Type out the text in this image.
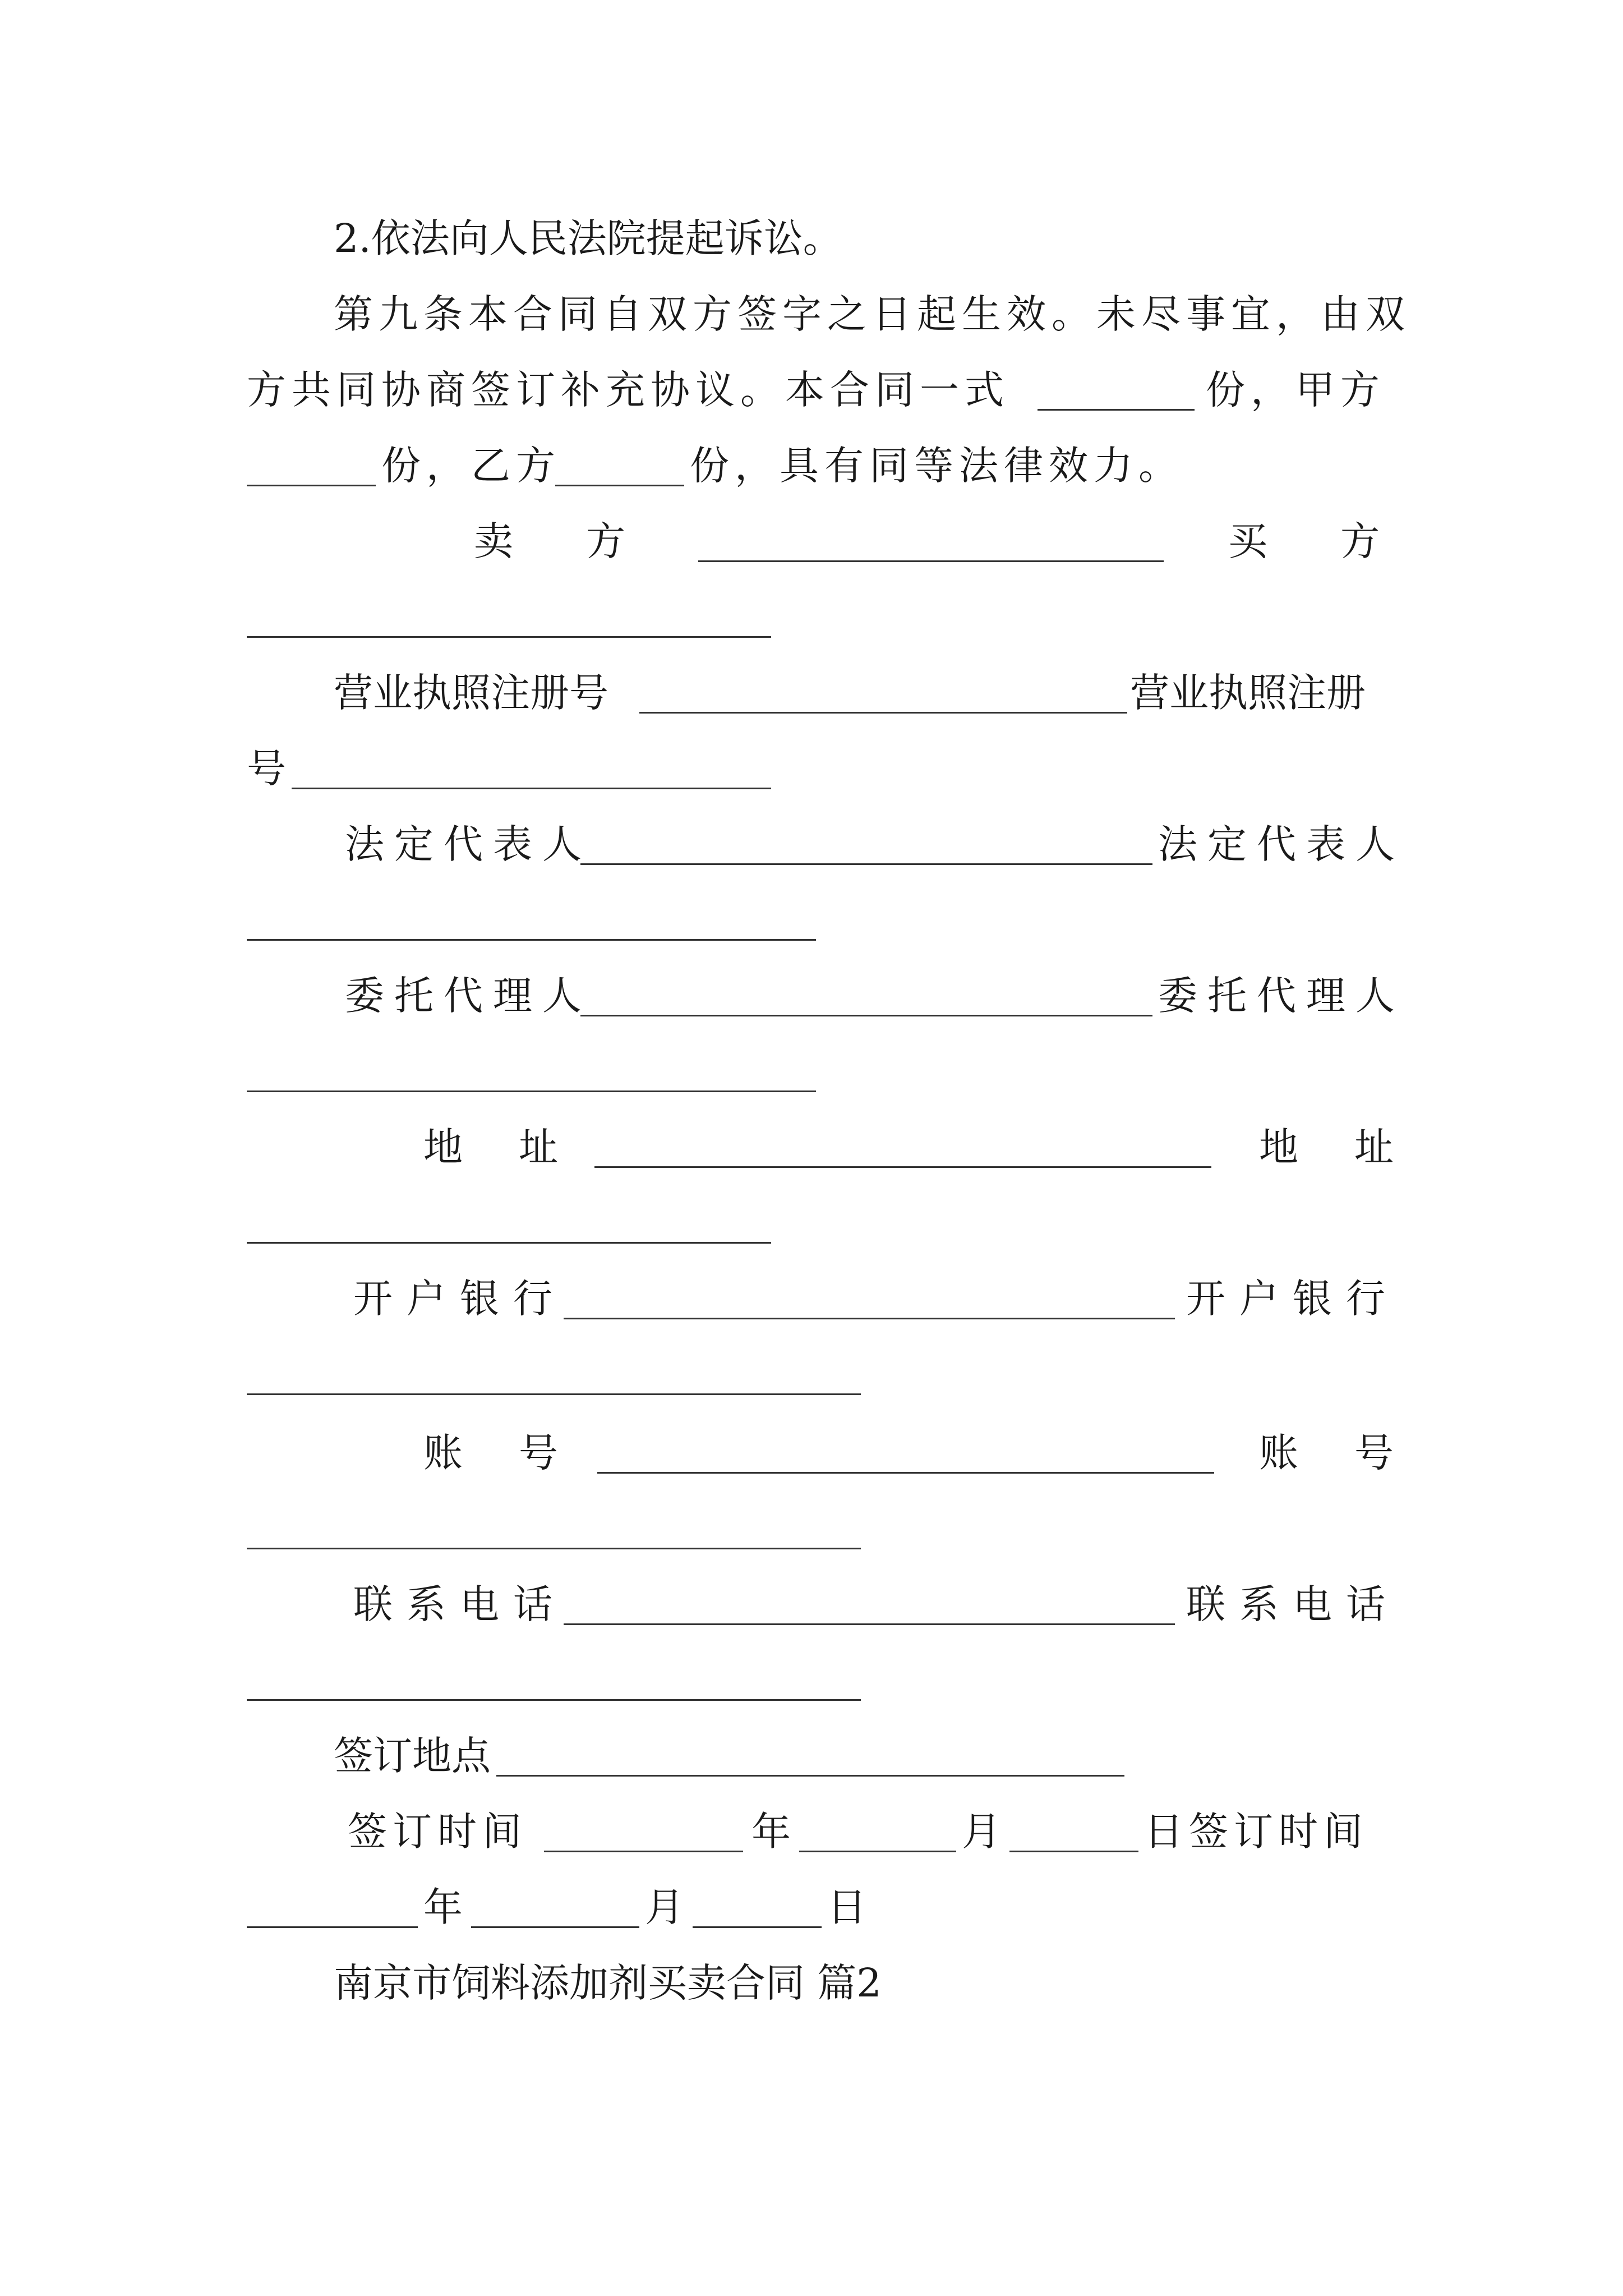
2.依法向人民法院提起诉讼。
第九条本合同自双方签字之日起生效。未尽事宜，由双
方共同协商签订补充协议。本合同一式	份，甲方
份，乙方	份，具有同等法律效力。
卖方	买方
营业执照注册号	营业执照注册
号
法定代表人	法定代表人
委托代理人	委托代理人
地址	地址
开户银行	开户银行
账号	账号
联系电话	联系电话
签订地点
签订时间	年	月	日签订时间
年	月	日
南京市饲料添加剂买卖合同 篇2
